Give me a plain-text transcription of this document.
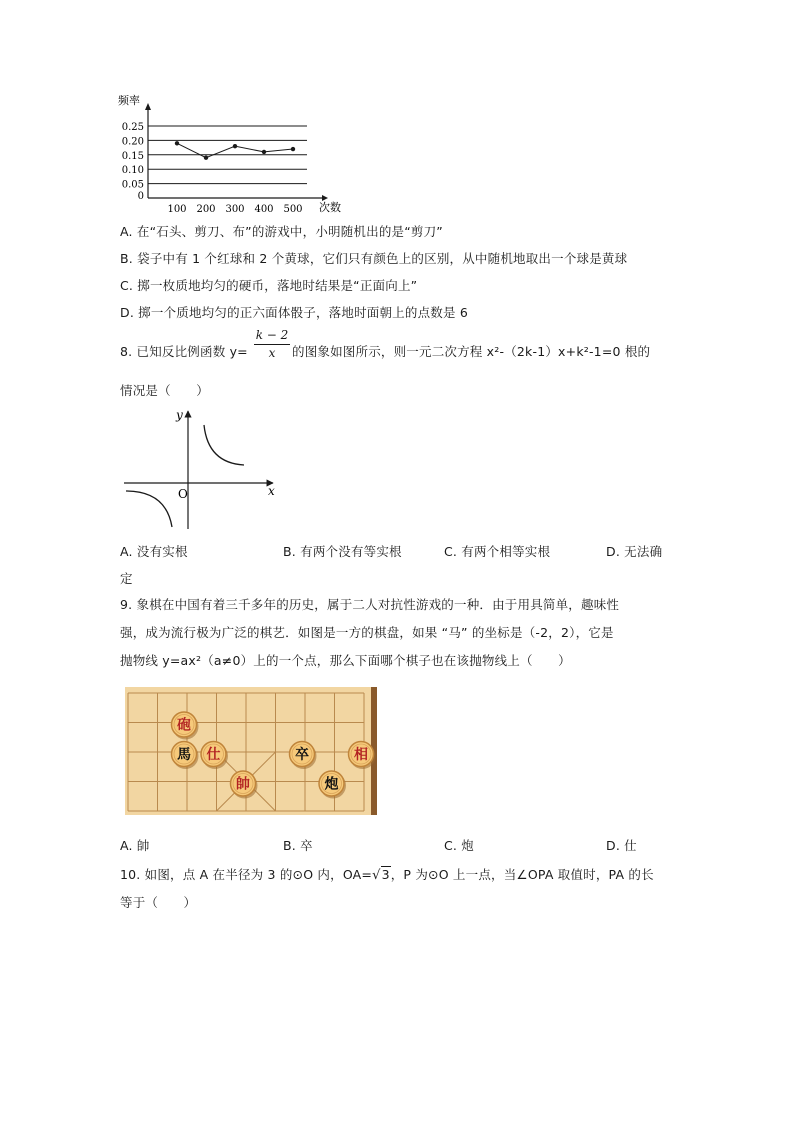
0.25
0.20
0.15
0.10
0.05
0
100 200 300 400 500
频率
次数
A. 在“石头、剪刀、布”的游戏中，小明随机出的是“剪刀”
B. 袋子中有 1 个红球和 2 个黄球，它们只有颜色上的区别，从中随机地取出一个球是黄球
C. 掷一枚质地均匀的硬币，落地时结果是“正面向上”
D. 掷一个质地均匀的正六面体骰子，落地时面朝上的点数是 6
8. 已知反比例函数 y=
k − 2
x	的图象如图所示，则一元二次方程 x²-（2k-1）x+k²-1=0 根的
情况是（　　）
y
x
O
A. 没有实根	B. 有两个没有等实根	C. 有两个相等实根	D. 无法确
定
9. 象棋在中国有着三千多年的历史，属于二人对抗性游戏的一种．由于用具简单，趣味性
强，成为流行极为广泛的棋艺．如图是一方的棋盘，如果 “马” 的坐标是（-2，2），它是
抛物线 y=ax²（a≠0）上的一个点，那么下面哪个棋子也在该抛物线上（　　）
砲
馬 仕
帥
卒
炮
相
A. 帥	B. 卒	C. 炮	D. 仕
10. 如图，点 A 在半径为 3 的⊙O 内，OA=√3，P 为⊙O 上一点，当∠OPA 取值时，PA 的长
等于（　　）
